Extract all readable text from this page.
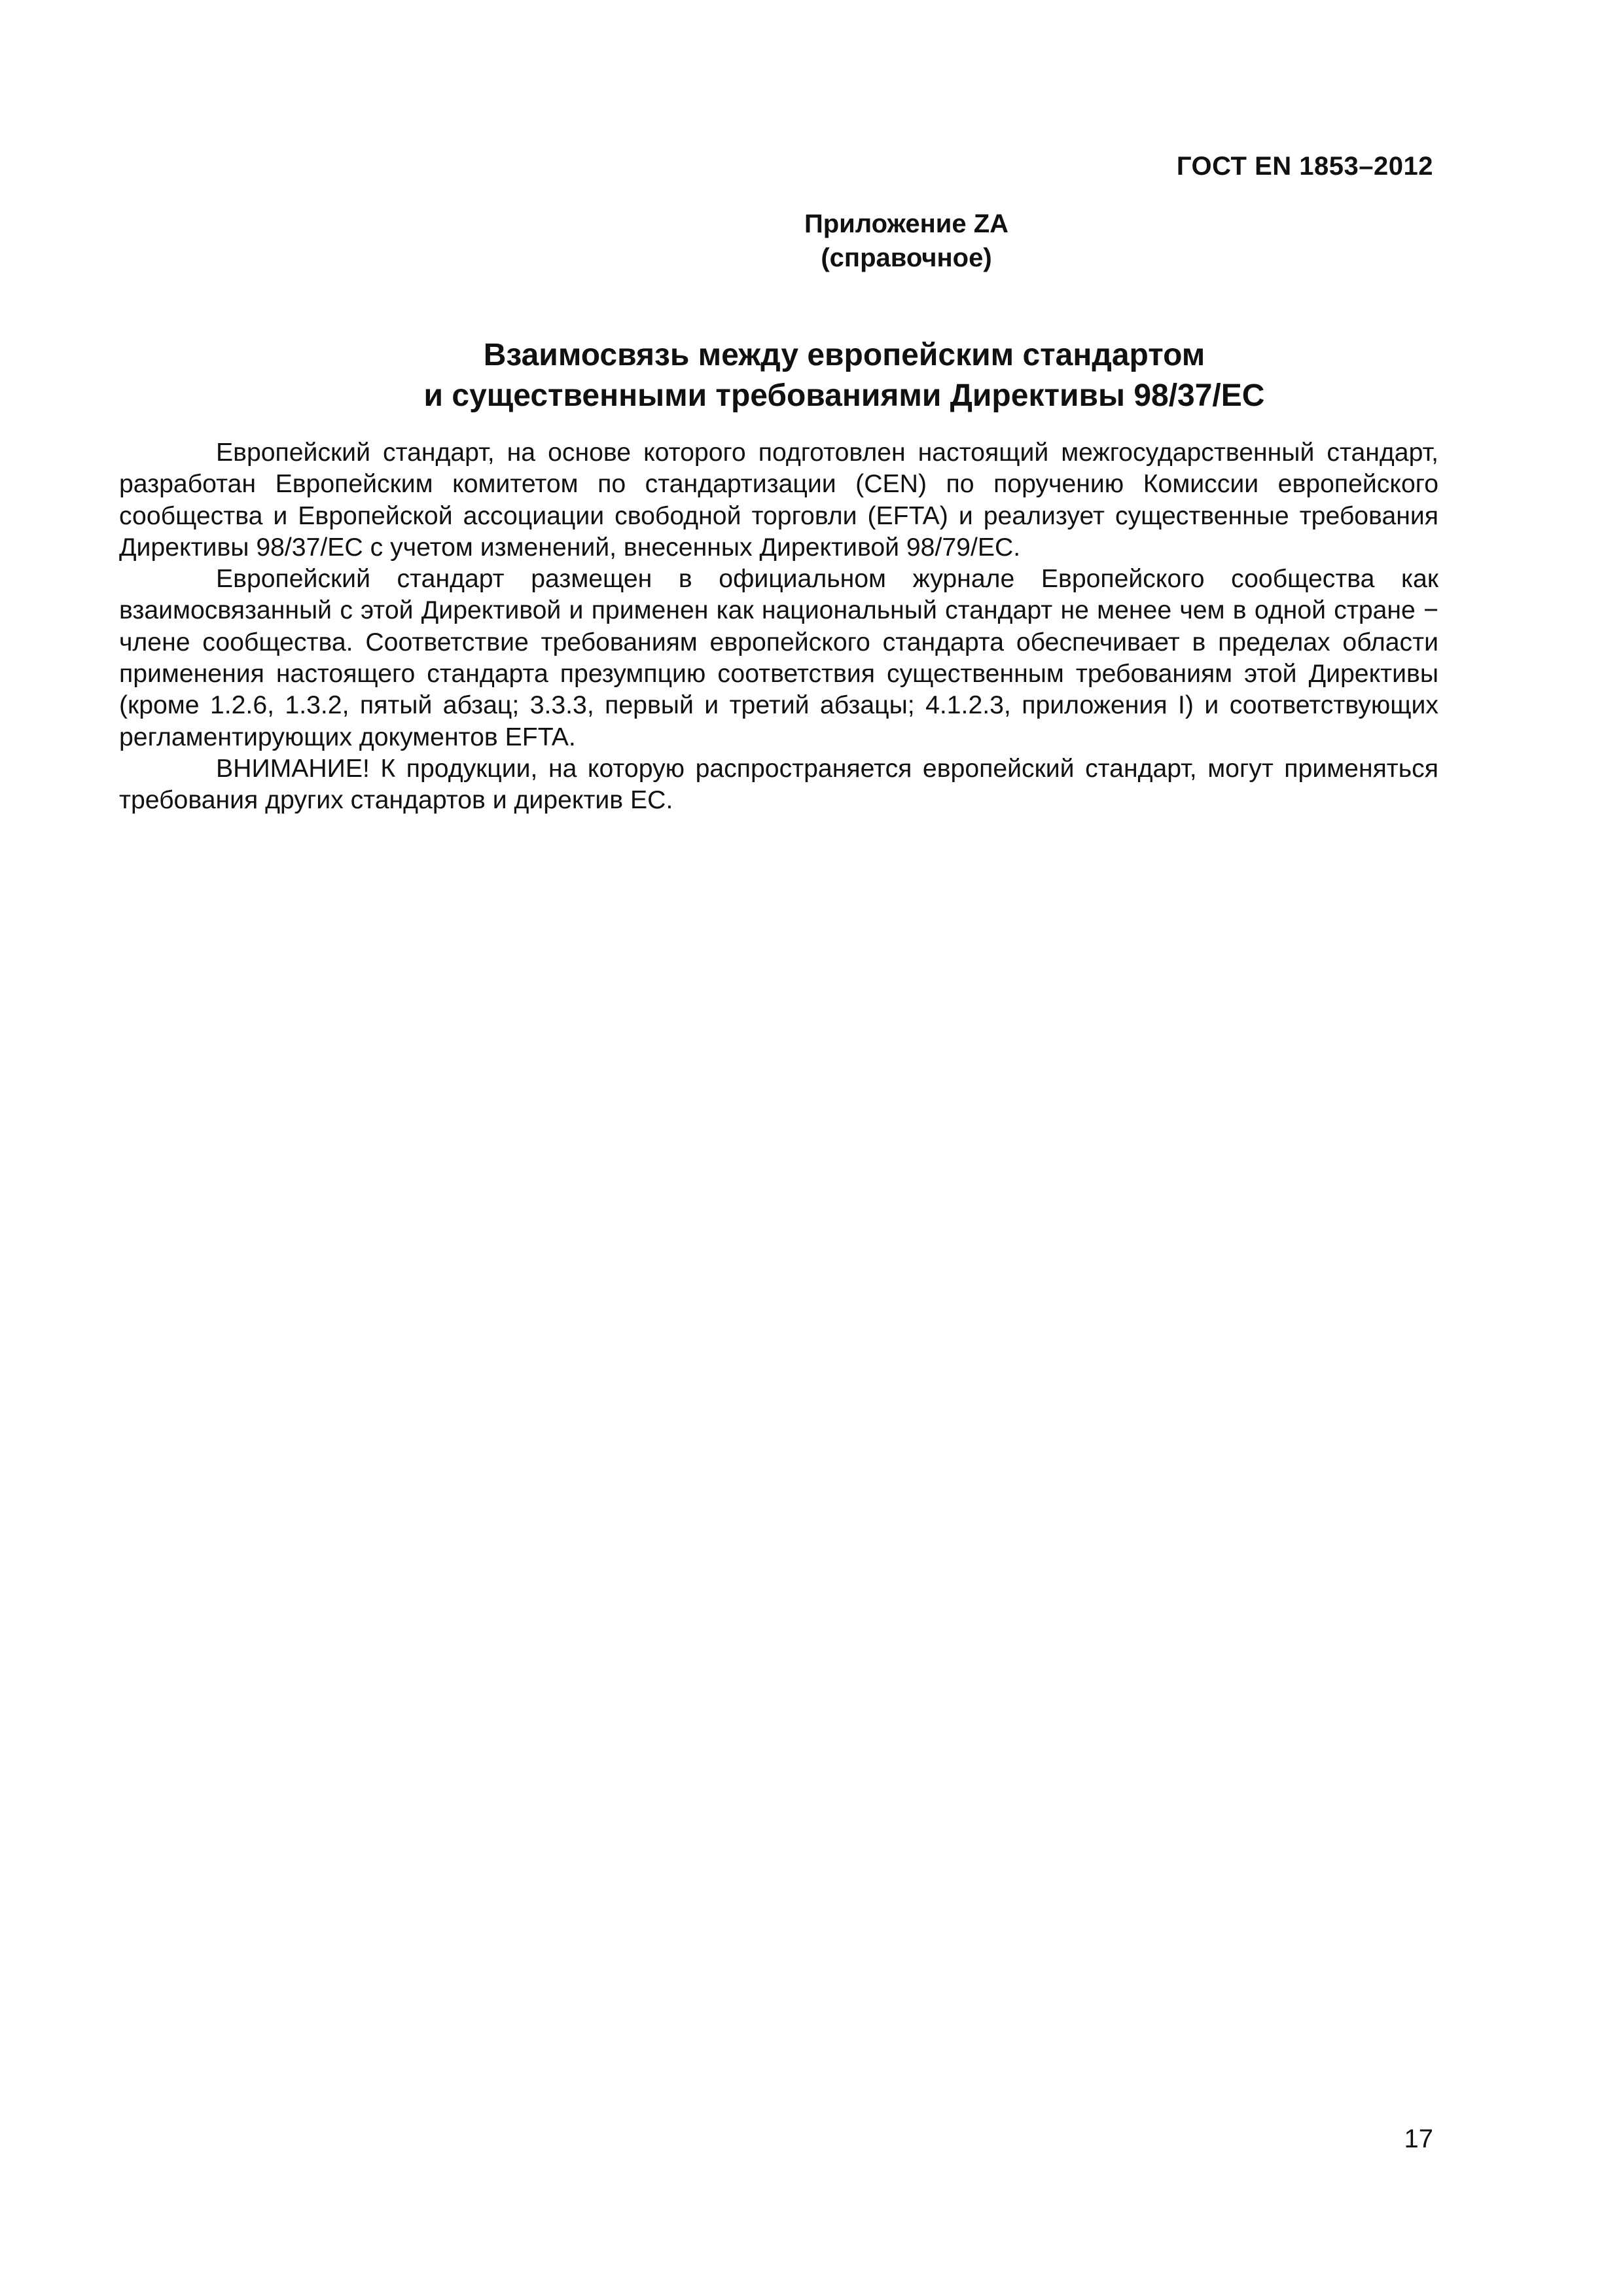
ГОСТ EN 1853–2012
Приложение ZA
(справочное)
Взаимосвязь между европейским стандартом
и существенными требованиями Директивы 98/37/ЕС

Европейский стандарт, на основе которого подготовлен настоящий межгосударственный стандарт, разработан Европейским комитетом по стандартизации (CEN) по поручению Комиссии европейского сообщества и Европейской ассоциации свободной торговли (EFTA) и реализует существенные требования Директивы 98/37/ЕС с учетом изменений, внесенных Директивой 98/79/ЕС.

Европейский стандарт размещен в официальном журнале Европейского сообщества как взаимосвязанный с этой Директивой и применен как национальный стандарт не менее чем в одной стране − члене сообщества. Соответствие требованиям европейского стандарта обеспечивает в пределах области применения настоящего стандарта презумпцию соответствия существенным требованиям этой Директивы (кроме 1.2.6, 1.3.2, пятый абзац; 3.3.3, первый и третий абзацы; 4.1.2.3, приложения I) и соответствующих регламентирующих документов EFTA.

ВНИМАНИЕ! К продукции, на которую распространяется европейский стандарт, могут применяться требования других стандартов и директив ЕС.

17
